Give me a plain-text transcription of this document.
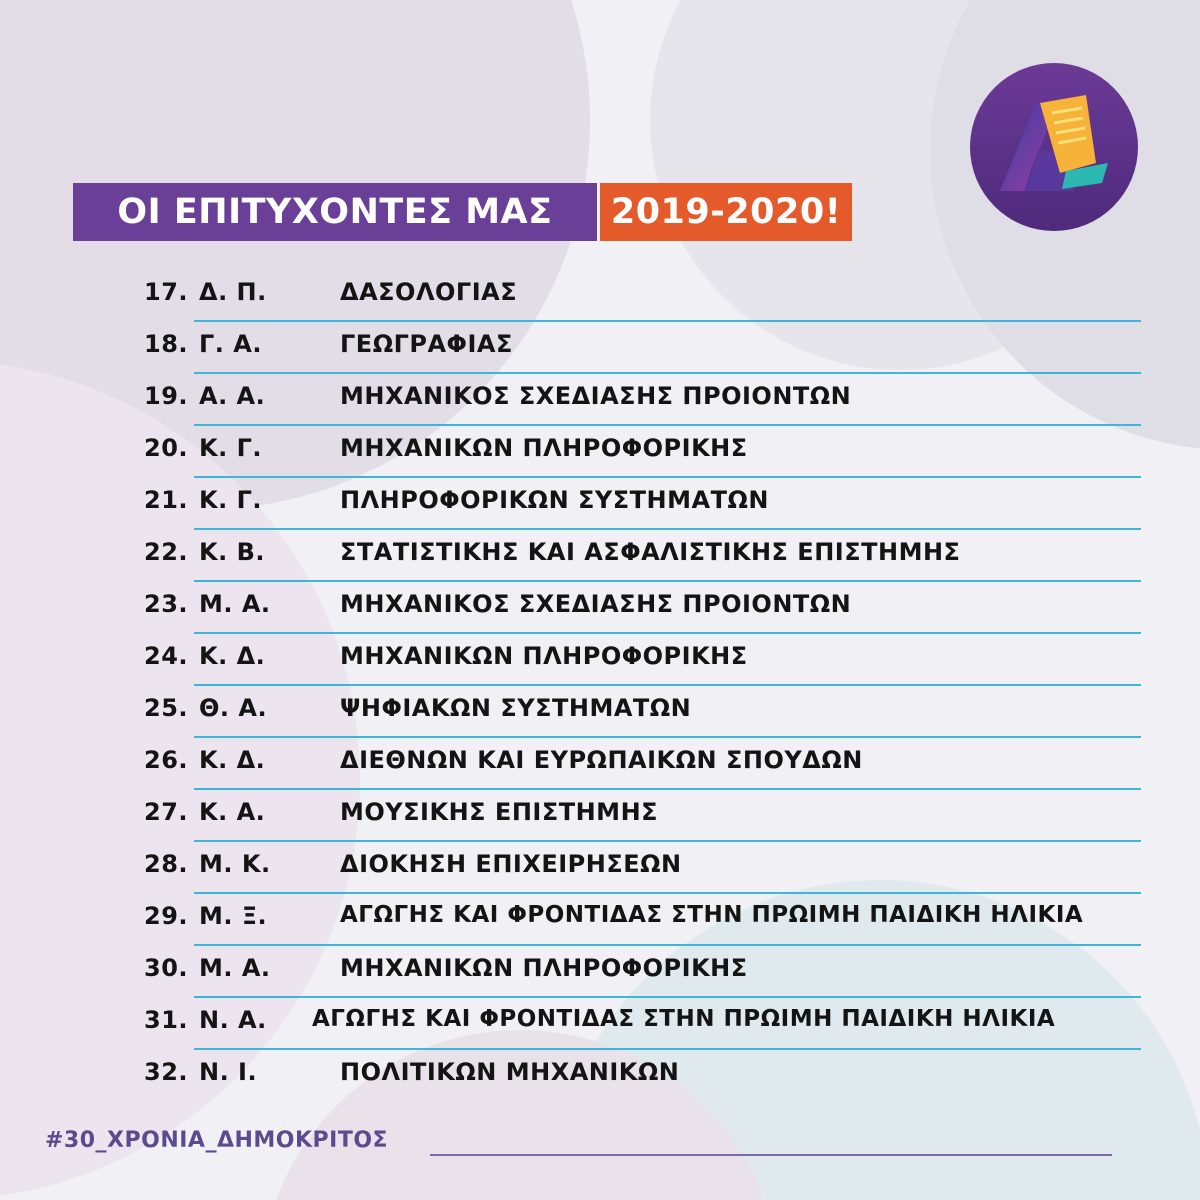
ΟΙ ΕΠΙΤΥΧΟΝΤΕΣ ΜΑΣ	2019-2020!
17. Δ. Π.	ΔΑΣΟΛΟΓΙΑΣ
18. Γ. Α.	ΓΕΩΓΡΑΦΙΑΣ
19. Α. Α.	ΜΗΧΑΝΙΚΟΣ ΣΧΕΔΙΑΣΗΣ ΠΡΟΙΟΝΤΩΝ
20. Κ. Γ.	ΜΗΧΑΝΙΚΩΝ ΠΛΗΡΟΦΟΡΙΚΗΣ
21. Κ. Γ.	ΠΛΗΡΟΦΟΡΙΚΩΝ ΣΥΣΤΗΜΑΤΩΝ
22. Κ. Β.	ΣΤΑΤΙΣΤΙΚΗΣ ΚΑΙ ΑΣΦΑΛΙΣΤΙΚΗΣ ΕΠΙΣΤΗΜΗΣ
23. Μ. Α.	ΜΗΧΑΝΙΚΟΣ ΣΧΕΔΙΑΣΗΣ ΠΡΟΙΟΝΤΩΝ
24. Κ. Δ.	ΜΗΧΑΝΙΚΩΝ ΠΛΗΡΟΦΟΡΙΚΗΣ
25. Θ. Α.	ΨΗΦΙΑΚΩΝ ΣΥΣΤΗΜΑΤΩΝ
26. Κ. Δ.	ΔΙΕΘΝΩΝ ΚΑΙ ΕΥΡΩΠΑΙΚΩΝ ΣΠΟΥΔΩΝ
27. Κ. Α.	ΜΟΥΣΙΚΗΣ ΕΠΙΣΤΗΜΗΣ
28. Μ. Κ.	ΔΙΟΚΗΣΗ ΕΠΙΧΕΙΡΗΣΕΩΝ
29. Μ. Ξ.	ΑΓΩΓΗΣ ΚΑΙ ΦΡΟΝΤΙΔΑΣ ΣΤΗΝ ΠΡΩΙΜΗ ΠΑΙΔΙΚΗ ΗΛΙΚΙΑ
30. Μ. Α.	ΜΗΧΑΝΙΚΩΝ ΠΛΗΡΟΦΟΡΙΚΗΣ
31. Ν. Α. ΑΓΩΓΗΣ ΚΑΙ ΦΡΟΝΤΙΔΑΣ ΣΤΗΝ ΠΡΩΙΜΗ ΠΑΙΔΙΚΗ ΗΛΙΚΙΑ
32. Ν. Ι.	ΠΟΛΙΤΙΚΩΝ ΜΗΧΑΝΙΚΩΝ
#30_ΧΡΟΝΙΑ_ΔΗΜΟΚΡΙΤΟΣ
